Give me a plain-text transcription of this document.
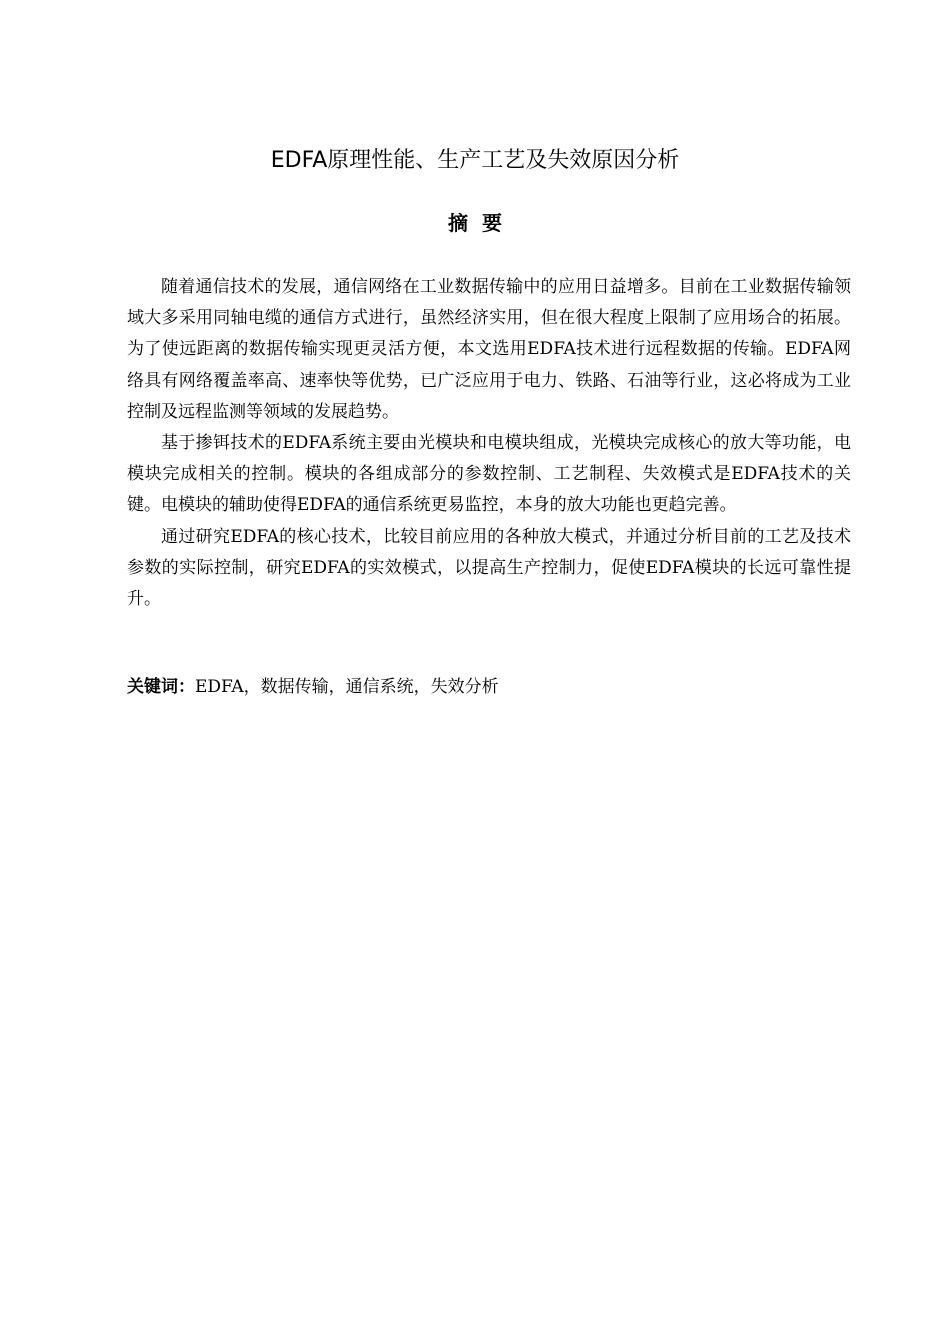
EDFA原理性能、生产工艺及失效原因分析
摘要

随着通信技术的发展，通信网络在工业数据传输中的应用日益增多。目前在工业数据传输领域大多采用同轴电缆的通信方式进行，虽然经济实用，但在很大程度上限制了应用场合的拓展。为了使远距离的数据传输实现更灵活方便，本文选用EDFA技术进行远程数据的传输。EDFA网络具有网络覆盖率高、速率快等优势，已广泛应用于电力、铁路、石油等行业，这必将成为工业控制及远程监测等领域的发展趋势。

基于掺铒技术的EDFA系统主要由光模块和电模块组成，光模块完成核心的放大等功能，电模块完成相关的控制。模块的各组成部分的参数控制、工艺制程、失效模式是EDFA技术的关键。电模块的辅助使得EDFA的通信系统更易监控，本身的放大功能也更趋完善。

通过研究EDFA的核心技术，比较目前应用的各种放大模式，并通过分析目前的工艺及技术参数的实际控制，研究EDFA的实效模式，以提高生产控制力，促使EDFA模块的长远可靠性提升。

关键词：EDFA，数据传输，通信系统，失效分析
